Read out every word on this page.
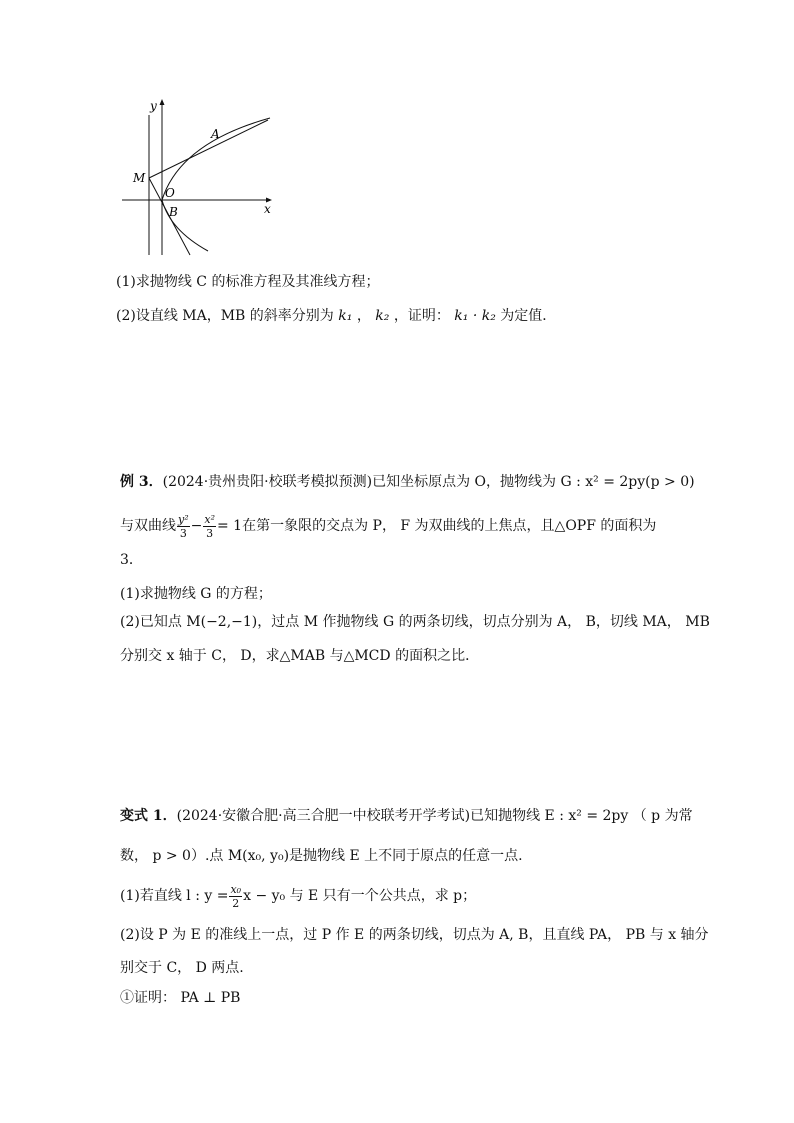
y
A
M
O
B	x
(1)求抛物线 C 的标准方程及其准线方程；
(2)设直线 MA，MB 的斜率分别为 k₁ ， k₂ ，证明： k₁ · k₂ 为定值．
例 3．(2024·贵州贵阳·校联考模拟预测)已知坐标原点为 O，抛物线为 G : x² = 2py(p > 0)
与双曲线 $\frac{\text{y²}}{3} - \frac{\text{x²}}{3} = 1$在第一象限的交点为 P， F 为双曲线的上焦点，且△OPF 的面积为
3．
(1)求抛物线 G 的方程；
(2)已知点 M(−2,−1)，过点 M 作抛物线 G 的两条切线，切点分别为 A， B，切线 MA， MB
分别交 x 轴于 C， D，求△MAB 与△MCD 的面积之比．
变式 1．(2024·安徽合肥·高三合肥一中校联考开学考试)已知抛物线 E : x² = 2py （ p 为常
数， p > 0）.点 M(x₀, y₀)是抛物线 E 上不同于原点的任意一点.
(1)若直线 l : $y = \frac{\text{x₀}}{2}$ x − y₀ 与 E 只有一个公共点，求 p；
(2)设 P 为 E 的准线上一点，过 P 作 E 的两条切线，切点为 A, B，且直线 PA， PB 与 x 轴分
别交于 C， D 两点.
①证明： PA ⊥ PB
